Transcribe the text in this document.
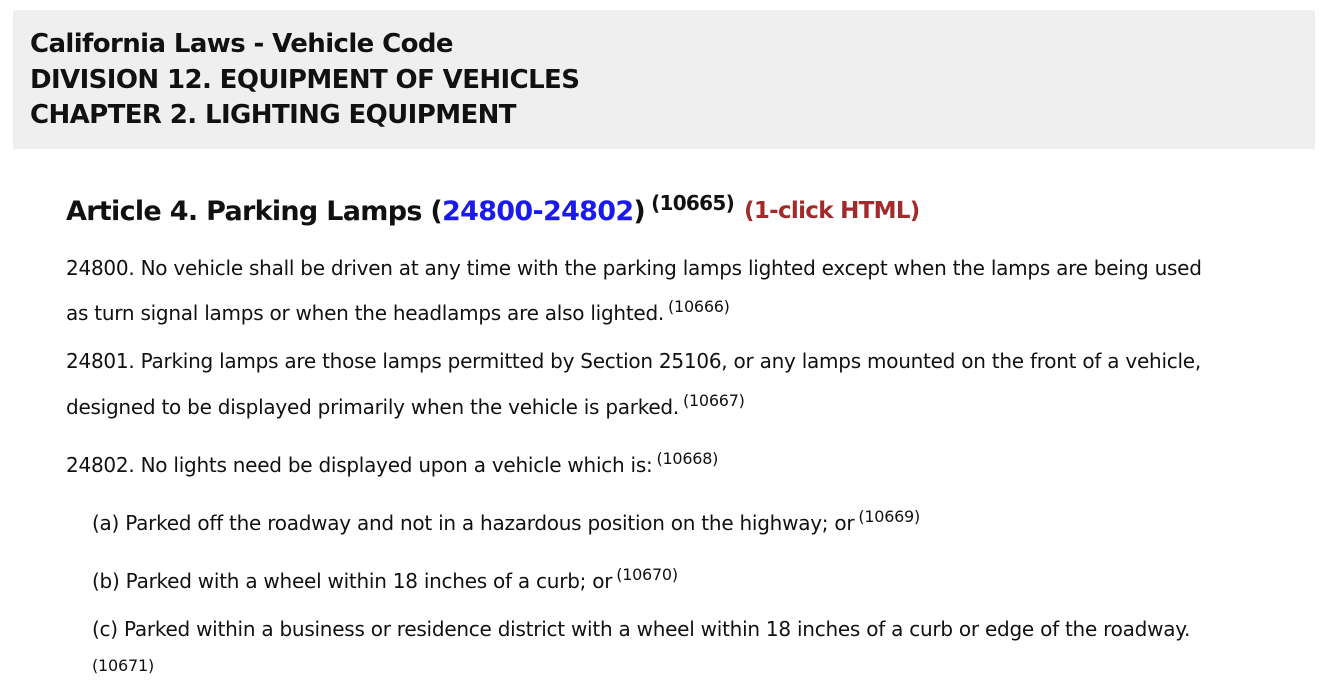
California Laws - Vehicle Code
DIVISION 12. EQUIPMENT OF VEHICLES
CHAPTER 2. LIGHTING EQUIPMENT
Article 4. Parking Lamps (24800-24802) $^{(10665)}$ (1-click HTML)
24800. No vehicle shall be driven at any time with the parking lamps lighted except when the lamps are being used
as turn signal lamps or when the headlamps are also lighted. $^{(10666)}$
24801. Parking lamps are those lamps permitted by Section 25106, or any lamps mounted on the front of a vehicle,
designed to be displayed primarily when the vehicle is parked. $^{(10667)}$
24802. No lights need be displayed upon a vehicle which is: $^{(10668)}$
(a) Parked off the roadway and not in a hazardous position on the highway; or $^{(10669)}$
(b) Parked with a wheel within 18 inches of a curb; or $^{(10670)}$
(c) Parked within a business or residence district with a wheel within 18 inches of a curb or edge of the roadway.
(10671)
